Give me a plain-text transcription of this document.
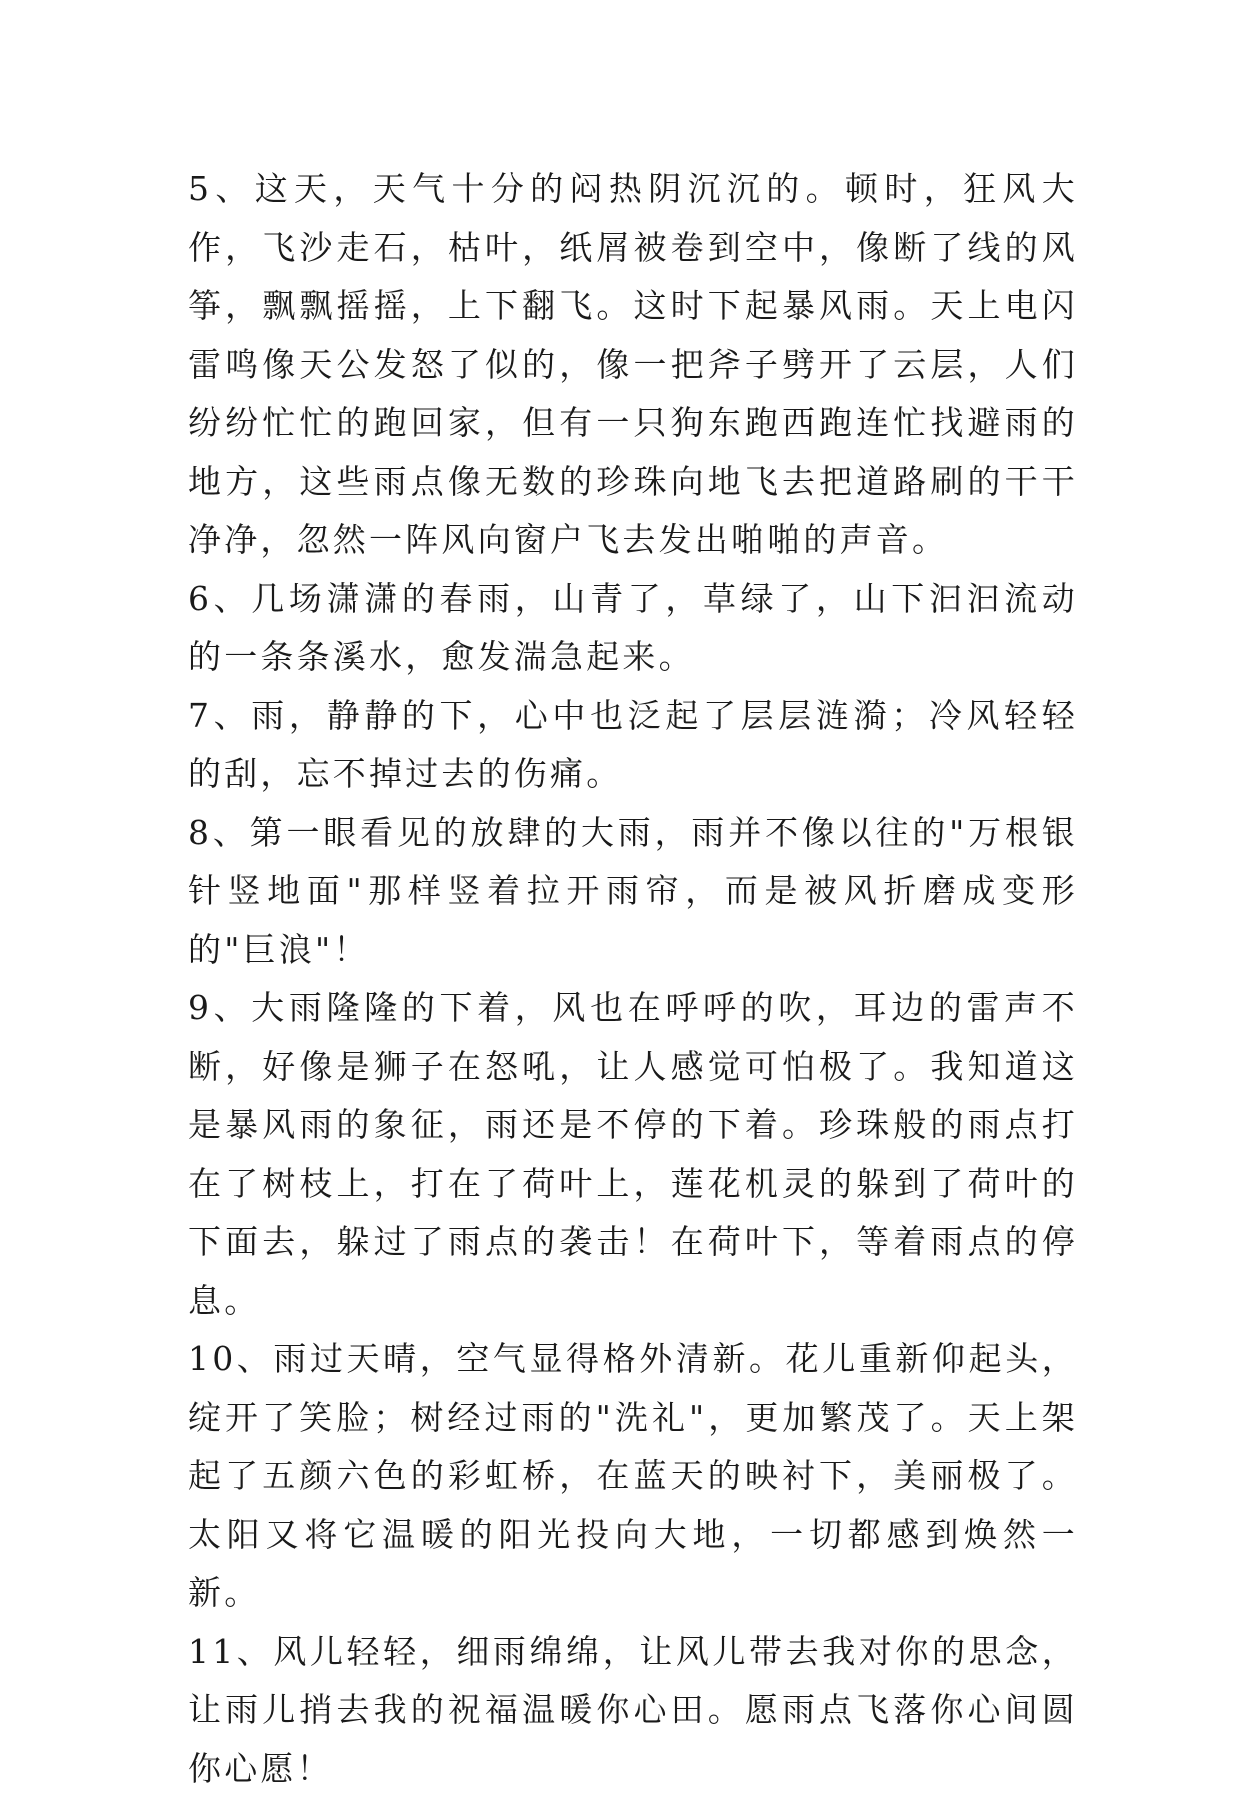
5、这天，天气十分的闷热阴沉沉的。顿时，狂风大作，飞沙走石，枯叶，纸屑被卷到空中，像断了线的风筝，飘飘摇摇，上下翻飞。这时下起暴风雨。天上电闪雷鸣像天公发怒了似的，像一把斧子劈开了云层，人们纷纷忙忙的跑回家，但有一只狗东跑西跑连忙找避雨的地方，这些雨点像无数的珍珠向地飞去把道路刷的干干净净，忽然一阵风向窗户飞去发出啪啪的声音。

6、几场潇潇的春雨，山青了，草绿了，山下汩汩流动的一条条溪水，愈发湍急起来。

7、雨，静静的下，心中也泛起了层层涟漪；冷风轻轻的刮，忘不掉过去的伤痛。

8、第一眼看见的放肆的大雨，雨并不像以往的"万根银针竖地面"那样竖着拉开雨帘，而是被风折磨成变形的"巨浪"！

9、大雨隆隆的下着，风也在呼呼的吹，耳边的雷声不断，好像是狮子在怒吼，让人感觉可怕极了。我知道这是暴风雨的象征，雨还是不停的下着。珍珠般的雨点打在了树枝上，打在了荷叶上，莲花机灵的躲到了荷叶的下面去，躲过了雨点的袭击！在荷叶下，等着雨点的停息。

10、雨过天晴，空气显得格外清新。花儿重新仰起头，绽开了笑脸；树经过雨的"洗礼"，更加繁茂了。天上架起了五颜六色的彩虹桥，在蓝天的映衬下，美丽极了。太阳又将它温暖的阳光投向大地，一切都感到焕然一新。

11、风儿轻轻，细雨绵绵，让风儿带去我对你的思念，让雨儿捎去我的祝福温暖你心田。愿雨点飞落你心间圆你心愿！
